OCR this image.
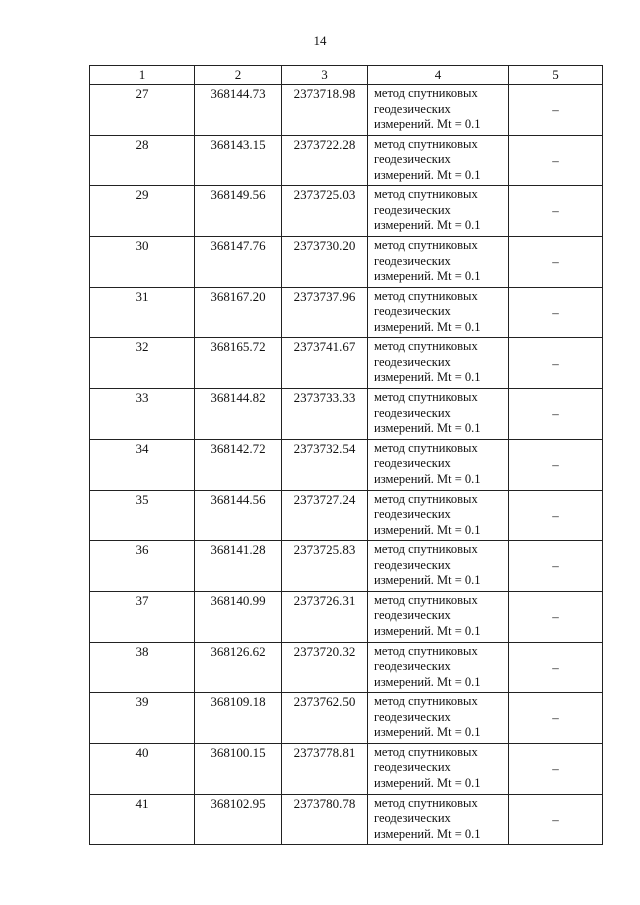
14
1	2	3	4	5
27	368144.73	2373718.98	метод спутниковых
геодезических
измерений. Mt = 0.1	–
28	368143.15	2373722.28	метод спутниковых
геодезических
измерений. Mt = 0.1	–
29	368149.56	2373725.03	метод спутниковых
геодезических
измерений. Mt = 0.1	–
30	368147.76	2373730.20	метод спутниковых
геодезических
измерений. Mt = 0.1	–
31	368167.20	2373737.96	метод спутниковых
геодезических
измерений. Mt = 0.1	–
32	368165.72	2373741.67	метод спутниковых
геодезических
измерений. Mt = 0.1	–
33	368144.82	2373733.33	метод спутниковых
геодезических
измерений. Mt = 0.1	–
34	368142.72	2373732.54	метод спутниковых
геодезических
измерений. Mt = 0.1	–
35	368144.56	2373727.24	метод спутниковых
геодезических
измерений. Mt = 0.1	–
36	368141.28	2373725.83	метод спутниковых
геодезических
измерений. Mt = 0.1	–
37	368140.99	2373726.31	метод спутниковых
геодезических
измерений. Mt = 0.1	–
38	368126.62	2373720.32	метод спутниковых
геодезических
измерений. Mt = 0.1	–
39	368109.18	2373762.50	метод спутниковых
геодезических
измерений. Mt = 0.1	–
40	368100.15	2373778.81	метод спутниковых
геодезических
измерений. Mt = 0.1	–
41	368102.95	2373780.78	метод спутниковых
геодезических
измерений. Mt = 0.1	–
